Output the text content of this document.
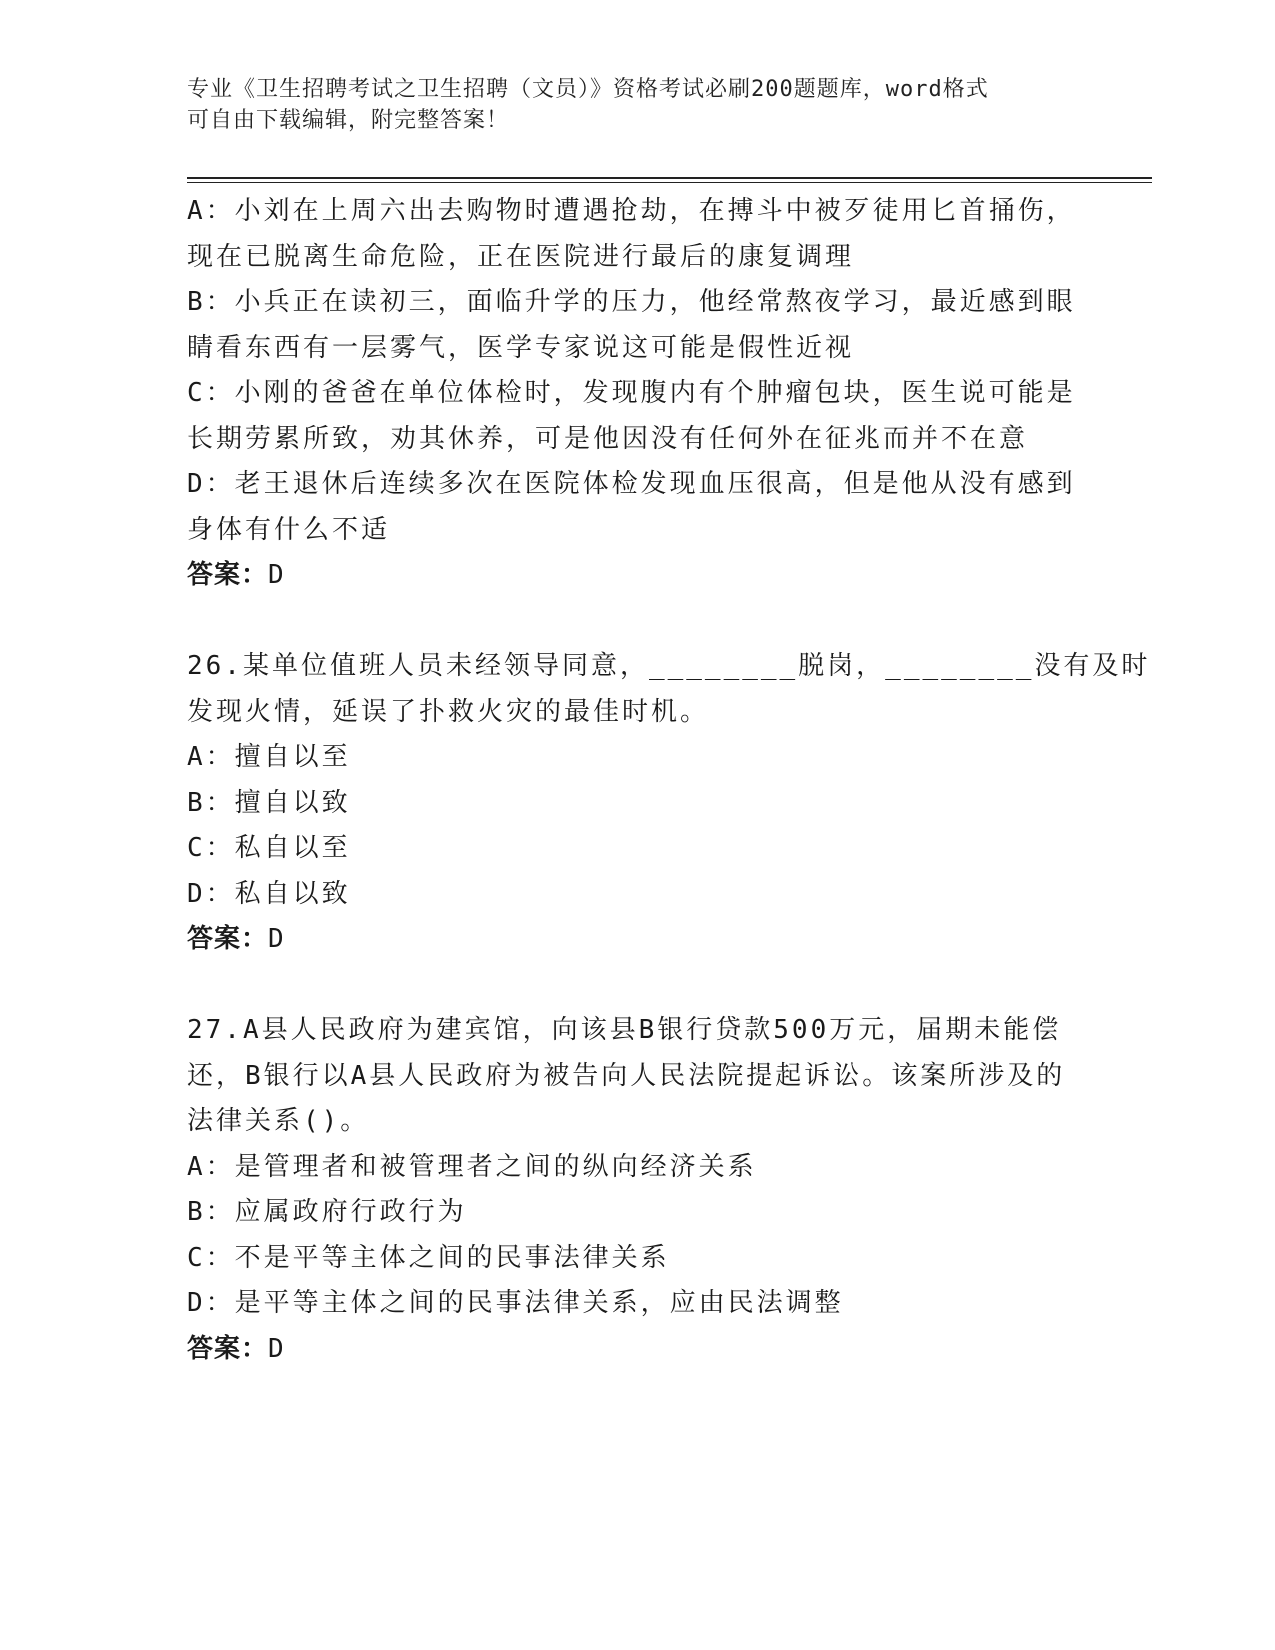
专业《卫生招聘考试之卫生招聘（文员）》资格考试必刷200题题库，word格式
可自由下载编辑，附完整答案！
A：小刘在上周六出去购物时遭遇抢劫，在搏斗中被歹徒用匕首捅伤，
现在已脱离生命危险，正在医院进行最后的康复调理
B：小兵正在读初三，面临升学的压力，他经常熬夜学习，最近感到眼
睛看东西有一层雾气，医学专家说这可能是假性近视
C：小刚的爸爸在单位体检时，发现腹内有个肿瘤包块，医生说可能是
长期劳累所致，劝其休养，可是他因没有任何外在征兆而并不在意
D：老王退休后连续多次在医院体检发现血压很高，但是他从没有感到
身体有什么不适
答案：D
26.某单位值班人员未经领导同意，________脱岗，________没有及时
发现火情，延误了扑救火灾的最佳时机。
A：擅自以至
B：擅自以致
C：私自以至
D：私自以致
答案：D
27.A县人民政府为建宾馆，向该县B银行贷款500万元，届期未能偿
还，B银行以A县人民政府为被告向人民法院提起诉讼。该案所涉及的
法律关系()。
A：是管理者和被管理者之间的纵向经济关系
B：应属政府行政行为
C：不是平等主体之间的民事法律关系
D：是平等主体之间的民事法律关系，应由民法调整
答案：D
